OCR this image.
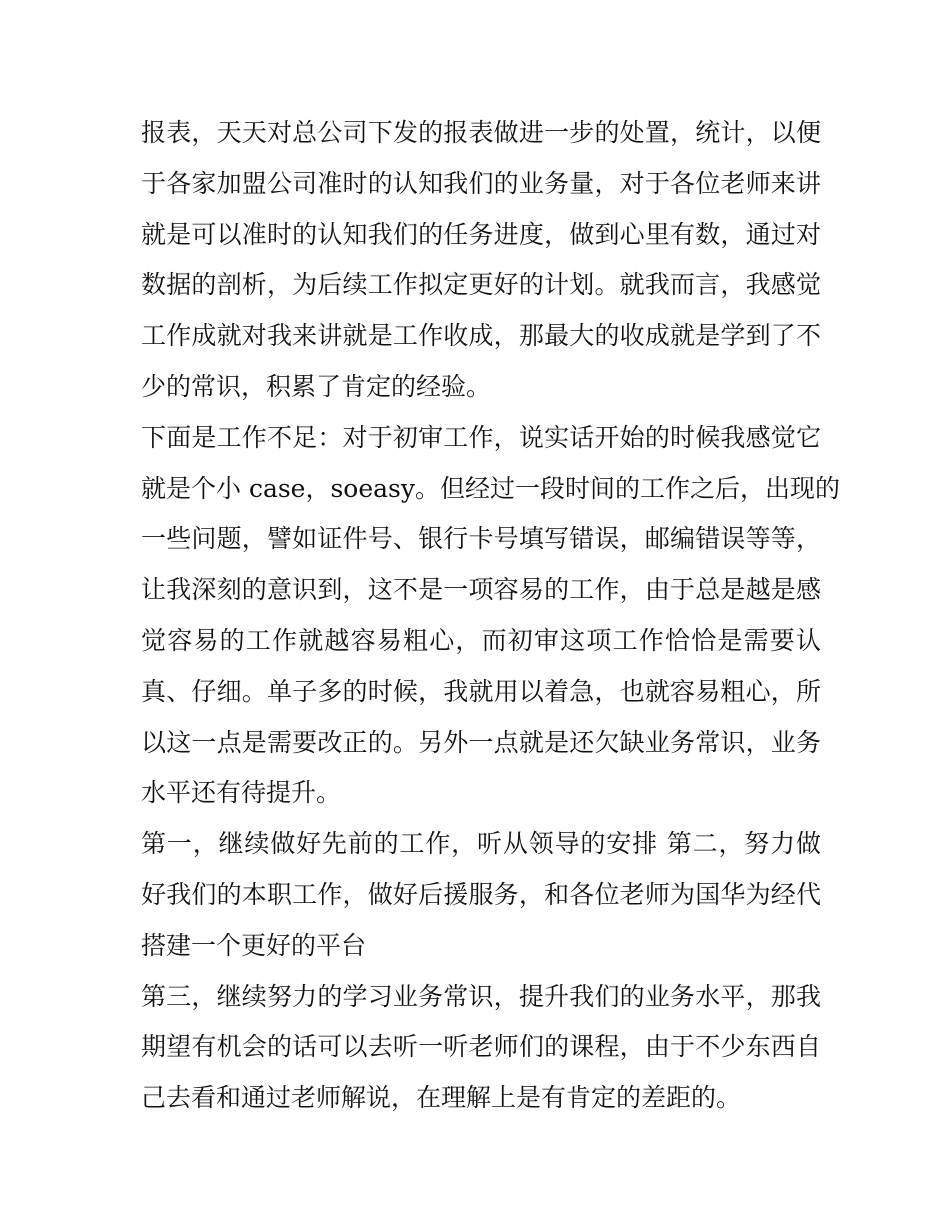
报表，天天对总公司下发的报表做进一步的处置，统计，以便
于各家加盟公司准时的认知我们的业务量，对于各位老师来讲
就是可以准时的认知我们的任务进度，做到心里有数，通过对
数据的剖析，为后续工作拟定更好的计划。就我而言，我感觉
工作成就对我来讲就是工作收成，那最大的收成就是学到了不
少的常识，积累了肯定的经验。
下面是工作不足：对于初审工作，说实话开始的时候我感觉它
就是个小 case，soeasy。但经过一段时间的工作之后，出现的
一些问题，譬如证件号、银行卡号填写错误，邮编错误等等，
让我深刻的意识到，这不是一项容易的工作，由于总是越是感
觉容易的工作就越容易粗心，而初审这项工作恰恰是需要认
真、仔细。单子多的时候，我就用以着急，也就容易粗心，所
以这一点是需要改正的。另外一点就是还欠缺业务常识，业务
水平还有待提升。
第一，继续做好先前的工作，听从领导的安排 第二，努力做
好我们的本职工作，做好后援服务，和各位老师为国华为经代
搭建一个更好的平台
第三，继续努力的学习业务常识，提升我们的业务水平，那我
期望有机会的话可以去听一听老师们的课程，由于不少东西自
己去看和通过老师解说，在理解上是有肯定的差距的。
